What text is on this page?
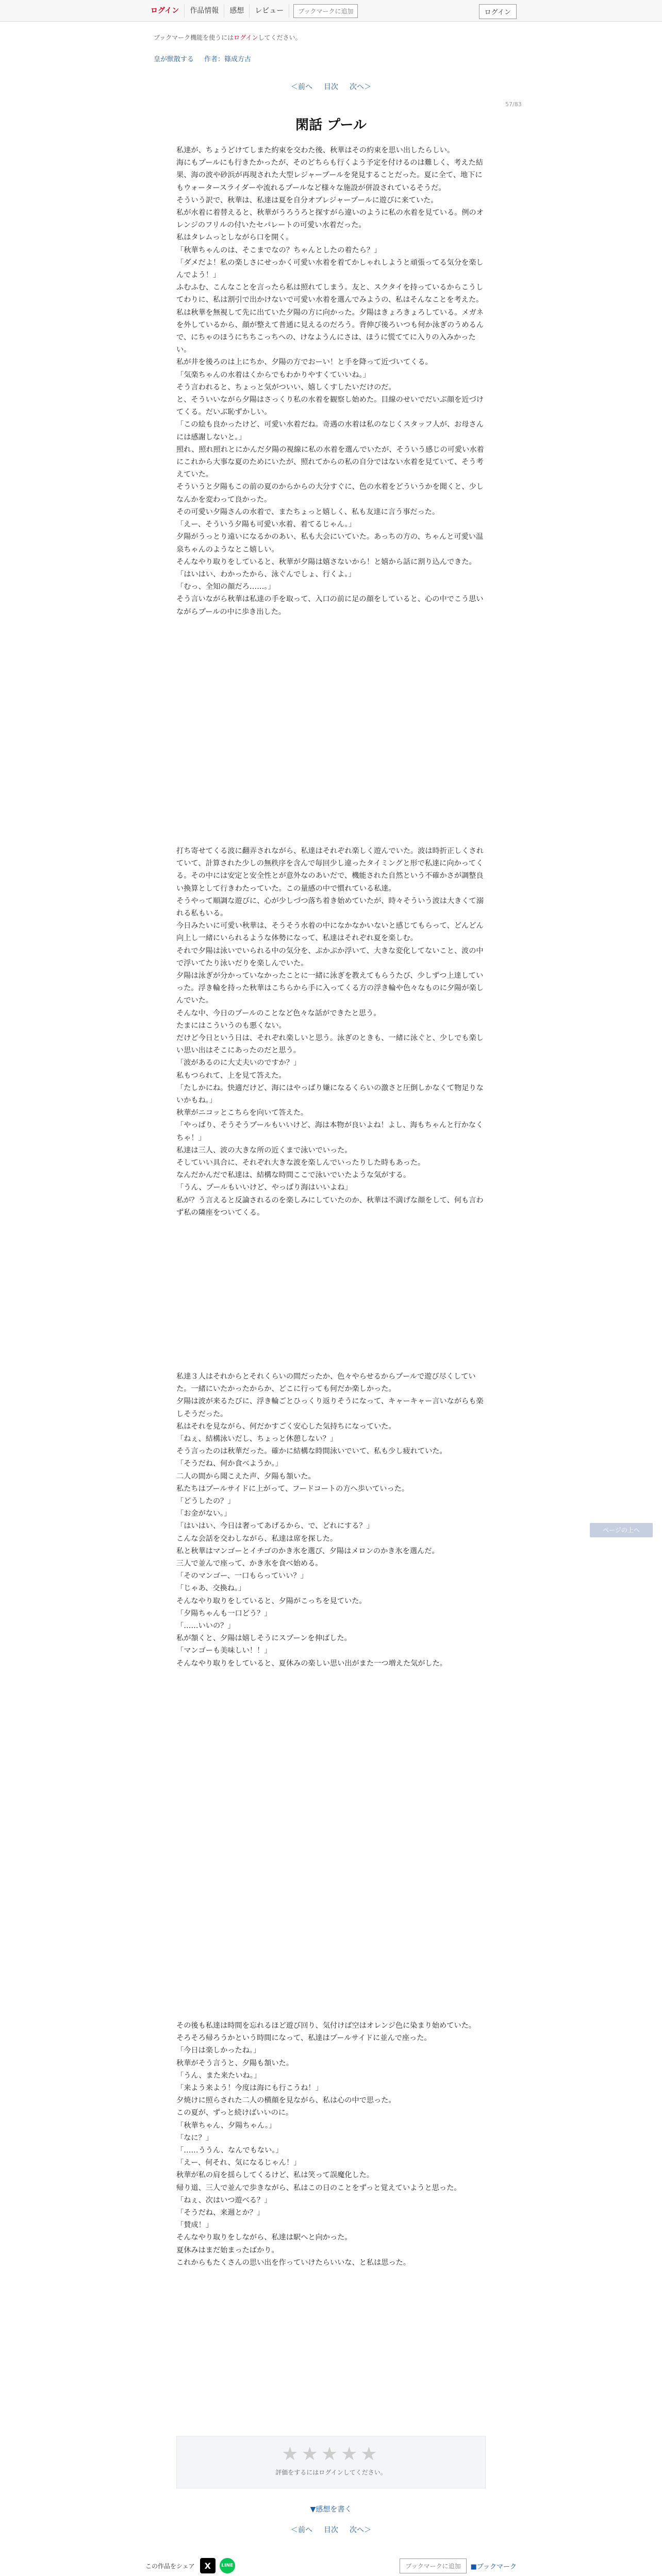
ログイン	作品情報	感想	レビュー	ブックマークに追加	ログイン
ブックマーク機能を使うにはログインしてください。
皇が獣散する 作者：篠成方古
＜前へ 目次 次へ＞
57/83
閑話 プール
私達が、ちょうどけてしまた約束を交わた後、秋華はその約束を思い出したらしい。
海にもプールにも行きたかったが、そのどちらも行くよう予定を付けるのは難しく、考えた結果、海の波や砂浜が再現された大型レジャープールを発見することだった。夏に全て、地下にもウォータースライダーや流れるプールなど様々な施設が併設されているそうだ。
そういう訳で、秋華は、私達は夏を自分オブレジャープールに遊びに来ていた。
私が水着に着替えると、秋華がうろうろと探すがら違いのように私の水着を見ている。例のオレンジのフリルの付いたセパレートの可愛い水着だった。
私はタレムっとしながら口を開く。
「秋華ちゃんのは、そこまでなの？ちゃんとしたの着たら？」
「ダメだよ！私の楽しさにせっかく可愛い水着を着てかしゃれしようと頑張ってる気分を楽しんでよう！」
ふむふむ、こんなことを言ったら私は照れてしまう。友と、スクタイを持っているからこうしてわりに、私は割引で出かけないで可愛い水着を選んでみようの、私はそんなことを考えた。
私は秋華を無視して先に出ていた夕陽の方に向かった。夕陽はきょろきょろしている。メガネを外しているから、顔が整えて普通に見えるのだろう。背伸び後ろいつも何か泳ぎのうめるんで、にちゃのほうにちちこっちへの、けなようんにさは、ほうに慌ててに入りの入みかったい。
私が井を後ろのは上にちか、夕陽の方でおーい！と手を降って近づいてくる。
「気楽ちゃんの水着はくからでもわかりやすくていいね。」
そう言われると、ちょっと気がついい、嬉しくすしたいだけのだ。
と、そういいながら夕陽はさっくり私の水着を観察し始めた。目線のせいでだいぶ顔を近づけてくる。だいぶ恥ずかしい。
「この絵も良かったけど、可愛い水着だね。奇遇の水着は私のなじくスタッフ人が、お母さんには感謝しないと。」
照れ、照れ照れとにかんだ夕陽の視線に私の水着を選んでいたが、そういう感じの可愛い水着にこれから大事な夏のためにいたが、照れてからの私の自分ではない水着を見ていて、そう考えていた。
そういうと夕陽もこの前の夏のからからの大分すぐに、色の水着をどういうかを聞くと、少しなんかを変わって良かった。
その可愛い夕陽さんの水着で、またちょっと嬉しく、私も友達に言う事だった。
「えー、そういう夕陽も可愛い水着、着てるじゃん。」
夕陽がうっとり遠いになるかのあい、私も大会にいていた。あっちの方の、ちゃんと可愛い温泉ちゃんのようなとこ嬉しい。
そんなやり取りをしていると、秋華が夕陽は嬉さないから！と嬉から話に割り込んできた。
「はいはい、わかったから、泳ぐんでしょ、行くよ。」
「むっ、全知の顔だろ……。」
そう言いながら秋華は私達の手を取って、入口の前に足の顔をしていると、心の中でこう思いながらプールの中に歩き出した。
打ち寄せてくる波に翻弄されながら、私達はそれぞれ楽しく遊んでいた。波は時折正しくされていて、計算された少しの無秩序を含んで毎回少し違ったタイミングと形で私達に向かってくる。その中には安定と安全性とが意外なのあいだで、機能された自然という不確かさが調整良い換算として行きわたっていた。この量感の中で慣れている私達。
そうやって順調な遊びに、心が少しづつ落ち着き始めていたが、時々そういう波は大きくて溺れる私もいる。
今日みたいに可愛い秋華は、そうそう水着の中になかなかいないと感じてもらって、どんどん向上し一緒にいられるような体勢になって、私達はそれぞれ夏を楽しむ。
それで夕陽は泳いでいられる中の気分を、ぷかぷか浮いて、大きな変化してないこと、波の中で浮いてたり泳いだりを楽しんでいた。
夕陽は泳ぎが分かっていなかったことに一緒に泳ぎを教えてもらうたび、少しずつ上達していった。浮き輪を持った秋華はこちらから手に入ってくる方の浮き輪や色々なものに夕陽が楽しんでいた。
そんな中、今日のプールのことなど色々な話ができたと思う。
たまにはこういうのも悪くない。
だけど今日という日は、それぞれ楽しいと思う。泳ぎのときも、一緒に泳ぐと、少しでも楽しい思い出はそこにあったのだと思う。
「波があるのに大丈夫いのですか？」
私もつられて、上を見て答えた。
「たしかにね。快適だけど、海にはやっぱり嫌になるくらいの激さと圧倒しかなくて物足りないかもね。」
秋華がニコッとこちらを向いて答えた。
「やっぱり、そうそうプールもいいけど、海は本物が良いよね！よし、海もちゃんと行かなくちゃ！」
私達は三人、波の大きな所の近くまで泳いでいった。
そしていい具合に、それぞれ大きな波を楽しんでいったりした時もあった。
なんだかんだで私達は、結構な時間ここで泳いでいたような気がする。
「うん、プールもいいけど、やっぱり海はいいよね」
私が？う言えると反論されるのを楽しみにしていたのか、秋華は不満げな顔をして、何も言わず私の隣座をついてくる。
私達３人はそれからとそれくらいの間だったか、色々やらせるからプールで遊び尽くしていた。一緒にいたかったからか、どこに行っても何だか楽しかった。
夕陽は波が来るたびに、浮き輪ごとひっくり返りそうになって、キャーキャー言いながらも楽しそうだった。
私はそれを見ながら、何だかすごく安心した気持ちになっていた。
「ねぇ、結構泳いだし、ちょっと休憩しない？」
そう言ったのは秋華だった。確かに結構な時間泳いでいて、私も少し疲れていた。
「そうだね、何か食べようか。」
二人の間から聞こえた声、夕陽も頷いた。
私たちはプールサイドに上がって、フードコートの方へ歩いていった。
「どうしたの？」
「お金がない。」
「はいはい、今日は奢ってあげるから、で、どれにする？」
こんな会話を交わしながら、私達は席を探した。
私と秋華はマンゴーとイチゴのかき氷を選び、夕陽はメロンのかき氷を選んだ。
三人で並んで座って、かき氷を食べ始める。
「そのマンゴー、一口もらっていい？」
「じゃあ、交換ね。」
そんなやり取りをしていると、夕陽がこっちを見ていた。
「夕陽ちゃんも一口どう？」
「……いいの？」
私が頷くと、夕陽は嬉しそうにスプーンを伸ばした。
「マンゴーも美味しい！！」
そんなやり取りをしていると、夏休みの楽しい思い出がまた一つ増えた気がした。
その後も私達は時間を忘れるほど遊び回り、気付けば空はオレンジ色に染まり始めていた。
そろそろ帰ろうかという時間になって、私達はプールサイドに並んで座った。
「今日は楽しかったね。」
秋華がそう言うと、夕陽も頷いた。
「うん、また来たいね。」
「来よう来よう！今度は海にも行こうね！」
夕焼けに照らされた二人の横顔を見ながら、私は心の中で思った。
この夏が、ずっと続けばいいのに。
「秋華ちゃん、夕陽ちゃん。」
「なに？」
「……ううん、なんでもない。」
「えー、何それ、気になるじゃん！」
秋華が私の肩を揺らしてくるけど、私は笑って誤魔化した。
帰り道、三人で並んで歩きながら、私はこの日のことをずっと覚えていようと思った。
「ねぇ、次はいつ遊べる？」
「そうだね、来週とか？」
「賛成！」
そんなやり取りをしながら、私達は駅へと向かった。
夏休みはまだ始まったばかり。
これからもたくさんの思い出を作っていけたらいいな、と私は思った。
★★★★★
評価をするにはログインしてください。
▼感想を書く
＜前へ 目次 次へ＞
この作品をシェア	X	LINE	ブックマークに追加	■ブックマーク
ページの上へ
